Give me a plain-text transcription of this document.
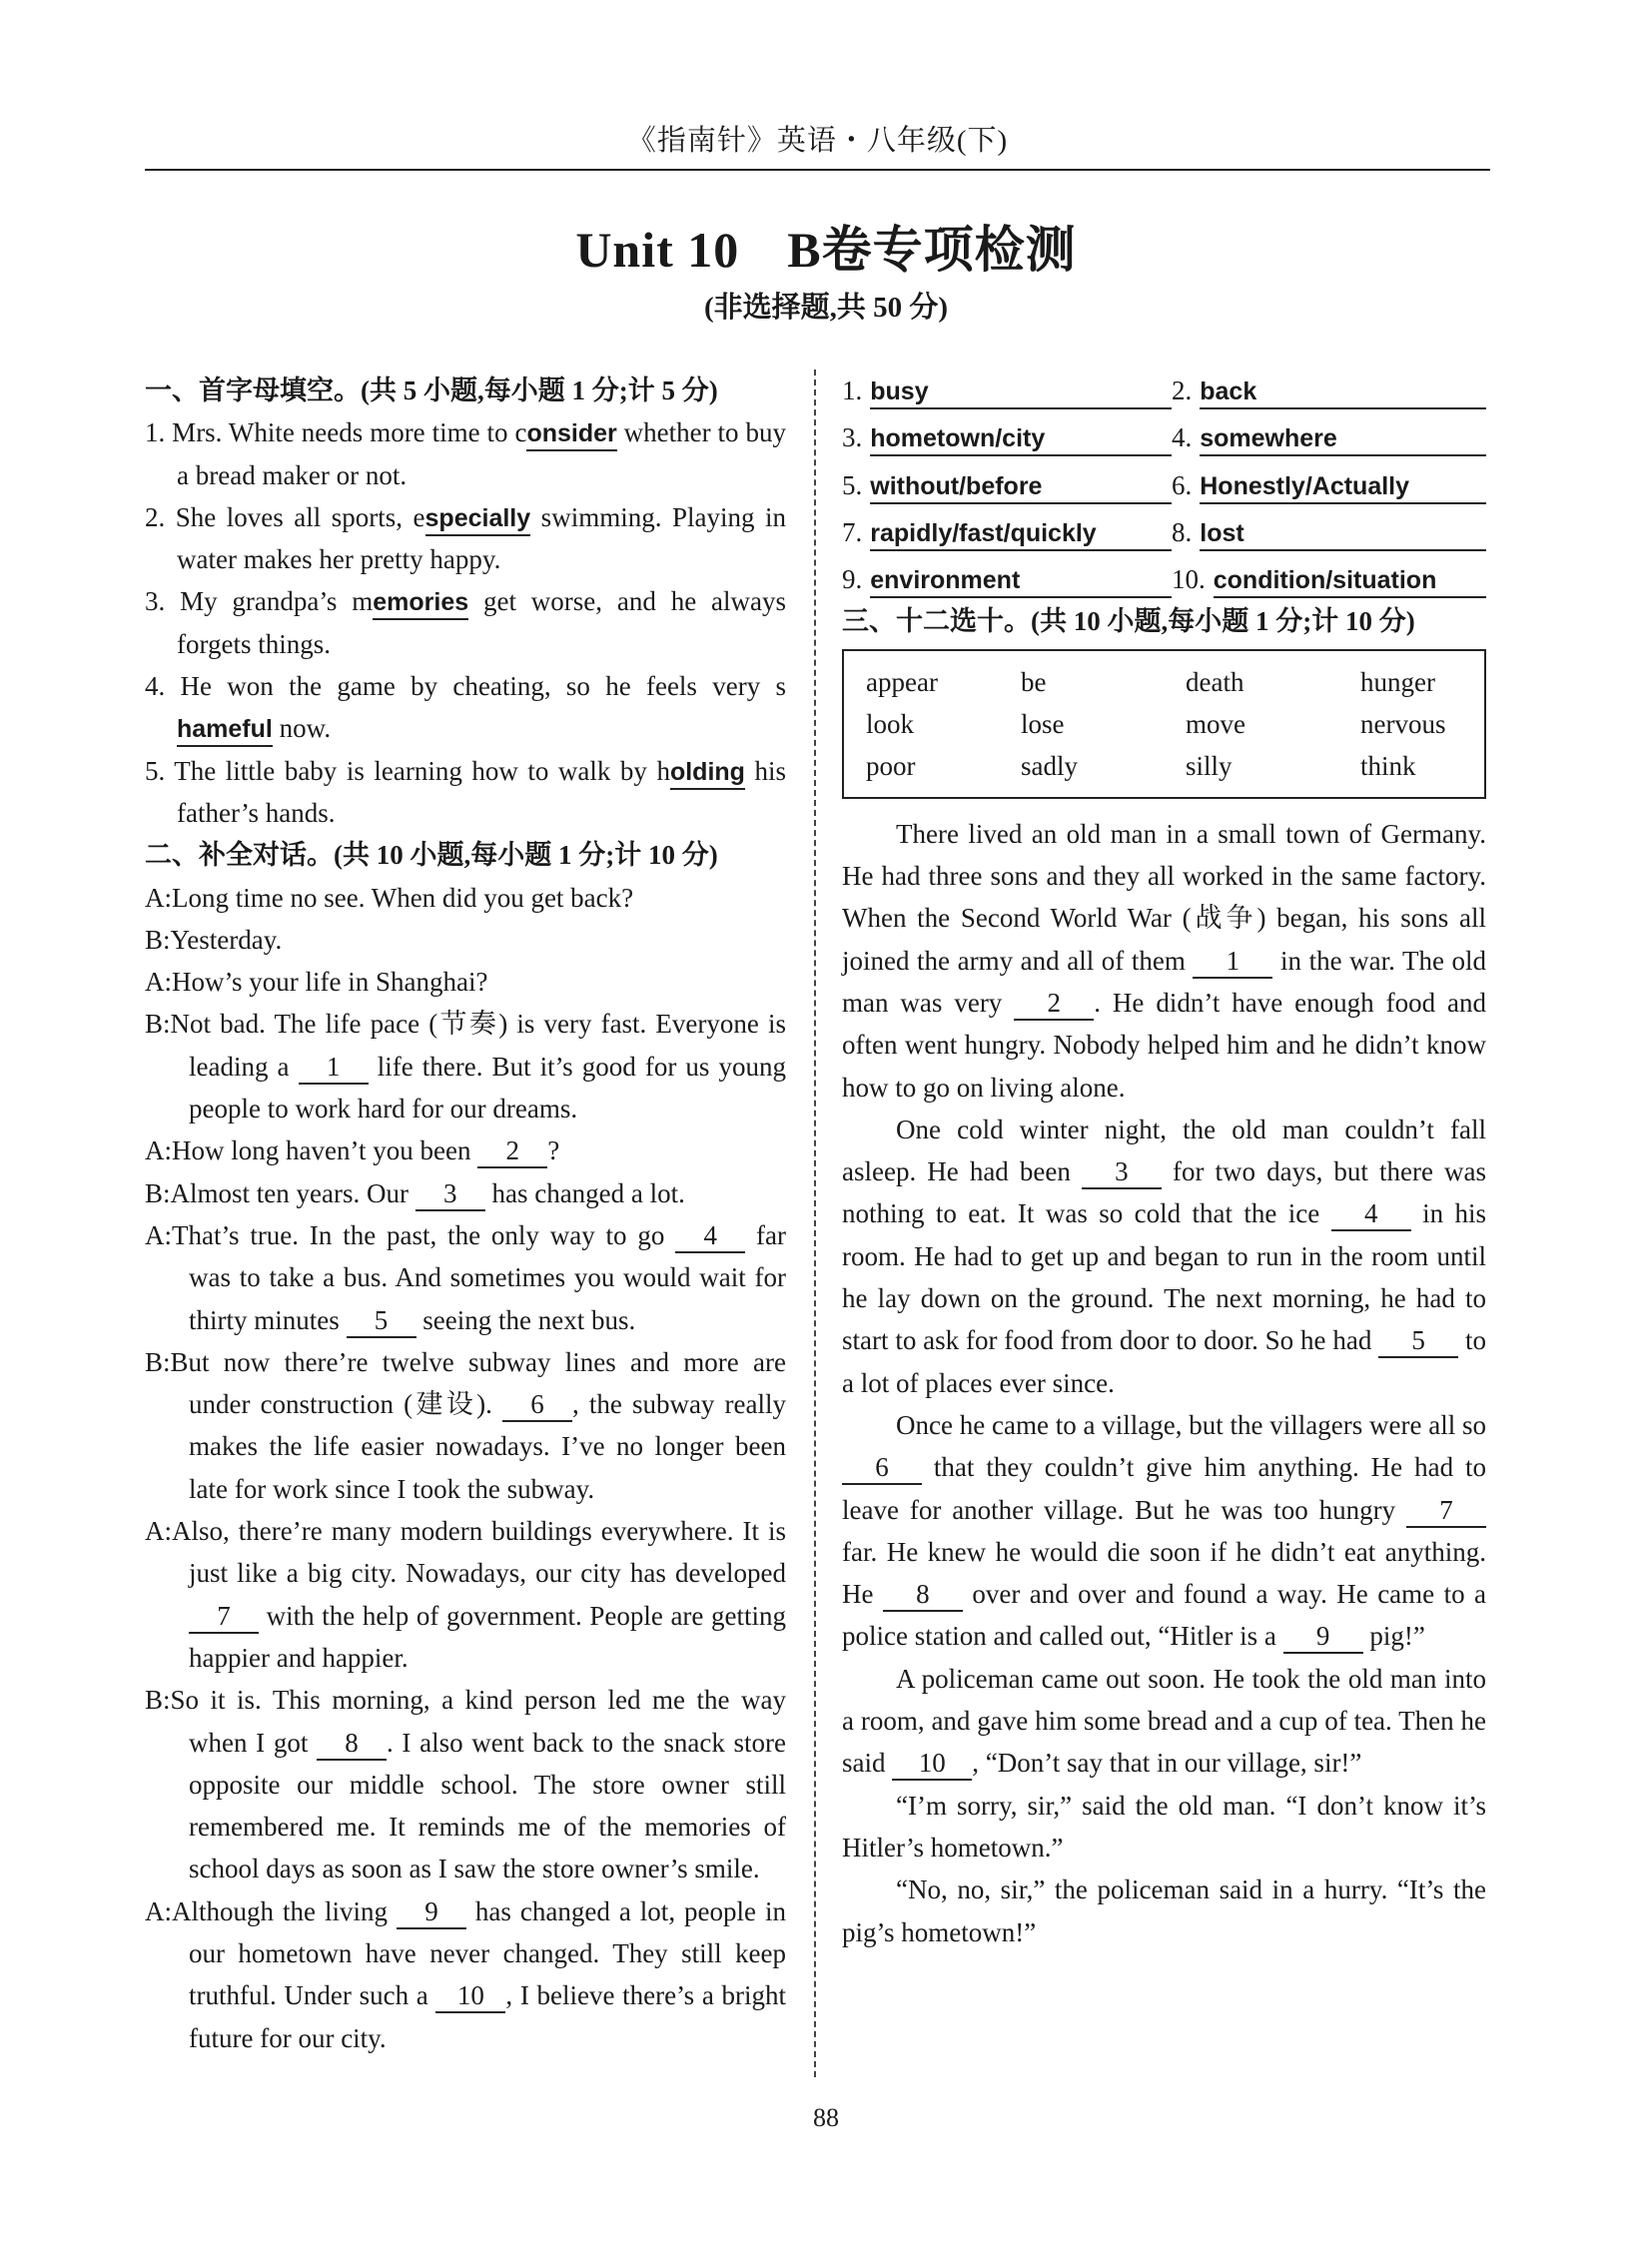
《指南针》英语・八年级(下)
Unit 10 B卷专项检测
(非选择题,共 50 分)
一、首字母填空。(共 5 小题,每小题 1 分;计 5 分)
1. Mrs. White needs more time to consider whether to buy a bread maker or not.
2. She loves all sports, especially swimming. Playing in water makes her pretty happy.
3. My grandpa’s memories get worse, and he always forgets things.
4. He won the game by cheating, so he feels very shameful now.
5. The little baby is learning how to walk by holding his father’s hands.
二、补全对话。(共 10 小题,每小题 1 分;计 10 分)
A:Long time no see. When did you get back?
B:Yesterday.
A:How’s your life in Shanghai?
B:Not bad. The life pace (节奏) is very fast. Everyone is leading a 1 life there. But it’s good for us young people to work hard for our dreams.
A:How long haven’t you been 2 ?
B:Almost ten years. Our 3 has changed a lot.
A:That’s true. In the past, the only way to go 4 far was to take a bus. And sometimes you would wait for thirty minutes 5 seeing the next bus.
B:But now there’re twelve subway lines and more are under construction (建设). 6 , the subway really makes the life easier nowadays. I’ve no longer been late for work since I took the subway.
A:Also, there’re many modern buildings everywhere. It is just like a big city. Nowadays, our city has developed 7 with the help of government. People are getting happier and happier.
B:So it is. This morning, a kind person led me the way when I got 8 . I also went back to the snack store opposite our middle school. The store owner still remembered me. It reminds me of the memories of school days as soon as I saw the store owner’s smile.
A:Although the living 9 has changed a lot, people in our hometown have never changed. They still keep truthful. Under such a 10 , I believe there’s a bright future for our city.
1. busy	2. back
3. hometown/city	4. somewhere
5. without/before	6. Honestly/Actually
7. rapidly/fast/quickly	8. lost
9. environment	10. condition/situation
三、十二选十。(共 10 小题,每小题 1 分;计 10 分)
appear	be	death	hunger
look	lose	move	nervous
poor	sadly	silly	think
There lived an old man in a small town of Germany. He had three sons and they all worked in the same factory. When the Second World War (战争) began, his sons all joined the army and all of them 1 in the war. The old man was very 2 . He didn’t have enough food and often went hungry. Nobody helped him and he didn’t know how to go on living alone.
One cold winter night, the old man couldn’t fall asleep. He had been 3 for two days, but there was nothing to eat. It was so cold that the ice 4 in his room. He had to get up and began to run in the room until he lay down on the ground. The next morning, he had to start to ask for food from door to door. So he had 5 to a lot of places ever since.
Once he came to a village, but the villagers were all so 6 that they couldn’t give him anything. He had to leave for another village. But he was too hungry 7 far. He knew he would die soon if he didn’t eat anything. He 8 over and over and found a way. He came to a police station and called out, “Hitler is a 9 pig!”
A policeman came out soon. He took the old man into a room, and gave him some bread and a cup of tea. Then he said 10 , “Don’t say that in our village, sir!”
“I’m sorry, sir,” said the old man. “I don’t know it’s Hitler’s hometown.”
“No, no, sir,” the policeman said in a hurry. “It’s the pig’s hometown!”
88
